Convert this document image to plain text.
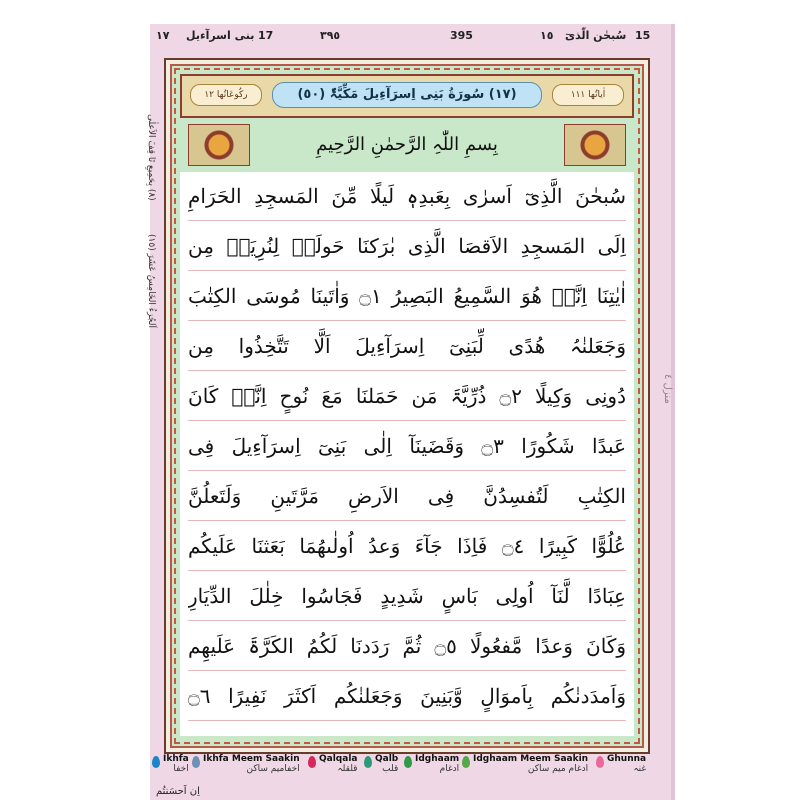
١٧ بنی اسرآءيل 17	٣٩٥	395	١٥ سُبحٰن الّذیٓ 15
(٨) بِحَمِیعِ تَا قِفَ الاَعلٰی
اَلجُزءُ الخَامِسُ عَشَرَ (١٥)
منزل ٤
اٰیاتُھا ١١١
(١٧) سُورَةُ بَنِی اِسرَآءِیلَ مَکِّیَّۃٌ (٥٠)
رکُوعَاتُھا ١٢
بِسمِ اللّٰہِ الرَّحمٰنِ الرَّحِیمِ
سُبحٰنَ الَّذِیٓ اَسرٰی بِعَبدِہٖ لَیلًا مِّنَ المَسجِدِ الحَرَامِ
اِلَی المَسجِدِ الاَقصَا الَّذِی بٰرَکنَا حَولَہٗ لِنُرِیَہٗ مِن
اٰیٰتِنَا اِنَّہٗ ھُوَ السَّمِیعُ البَصِیرُ ۝١ وَاٰتَینَا مُوسَی الکِتٰبَ
وَجَعَلنٰہُ ھُدًی لِّبَنِیٓ اِسرَآءِیلَ اَلَّا تَتَّخِذُوا مِن
دُونِی وَکِیلًا ۝٢ ذُرِّیَّۃَ مَن حَمَلنَا مَعَ نُوحٍ اِنَّہٗ کَانَ
عَبدًا شَکُورًا ۝٣ وَقَضَینَآ اِلٰی بَنِیٓ اِسرَآءِیلَ فِی
الکِتٰبِ لَتُفسِدُنَّ فِی الاَرضِ مَرَّتَینِ وَلَتَعلُنَّ
عُلُوًّا کَبِیرًا ۝٤ فَاِذَا جَآءَ وَعدُ اُولٰىھُمَا بَعَثنَا عَلَیکُم
عِبَادًا لَّنَآ اُولِی بَاسٍ شَدِیدٍ فَجَاسُوا خِلٰلَ الدِّیَارِ
وَکَانَ وَعدًا مَّفعُولًا ۝٥ ثُمَّ رَدَدنَا لَکُمُ الکَرَّۃَ عَلَیھِم
وَاَمدَدنٰکُم بِاَموَالٍ وَّبَنِینَ وَجَعَلنٰکُم اَکثَرَ نَفِیرًا ۝٦
Ikhfa
اخفا
Ikhfa Meem Saakin
اخفامیم ساکن
Qalqala
قلقلہ
Qalb
قلب
Idghaam
ادغام
Idghaam Meem Saakin
ادغام میم ساکن
Ghunna
غنہ
اِن اَحسَنتُم
